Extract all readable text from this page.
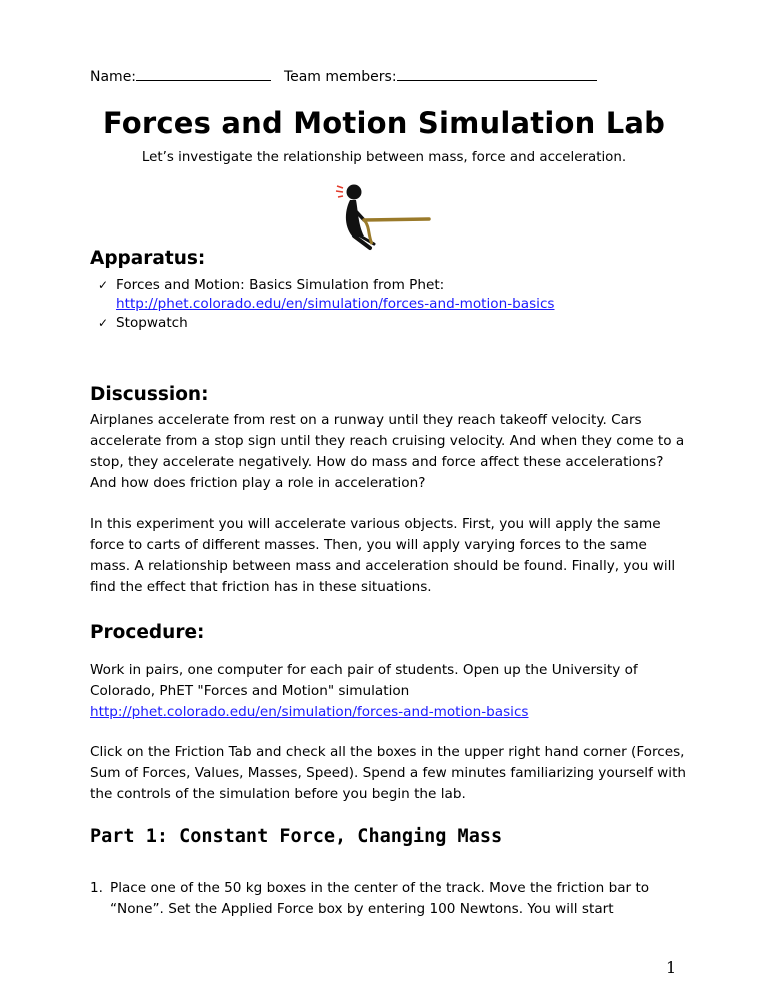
Name:	Team members:
Forces and Motion Simulation Lab
Let’s investigate the relationship between mass, force and acceleration.
Apparatus:
✓ Forces and Motion: Basics Simulation from Phet:
http://phet.colorado.edu/en/simulation/forces-and-motion-basics
✓ Stopwatch
Discussion:

Airplanes accelerate from rest on a runway until they reach takeoff velocity. Cars accelerate from a stop sign until they reach cruising velocity. And when they come to a stop, they accelerate negatively. How do mass and force affect these accelerations? And how does friction play a role in acceleration?

In this experiment you will accelerate various objects. First, you will apply the same force to carts of different masses. Then, you will apply varying forces to the same mass. A relationship between mass and acceleration should be found. Finally, you will find the effect that friction has in these situations.

Procedure:

Work in pairs, one computer for each pair of students. Open up the University of Colorado, PhET "Forces and Motion" simulation
http://phet.colorado.edu/en/simulation/forces-and-motion-basics

Click on the Friction Tab and check all the boxes in the upper right hand corner (Forces, Sum of Forces, Values, Masses, Speed). Spend a few minutes familiarizing yourself with the controls of the simulation before you begin the lab.

Part 1: Constant Force, Changing Mass
1. Place one of the 50 kg boxes in the center of the track. Move the friction bar to “None”. Set the Applied Force box by entering 100 Newtons. You will start
1
